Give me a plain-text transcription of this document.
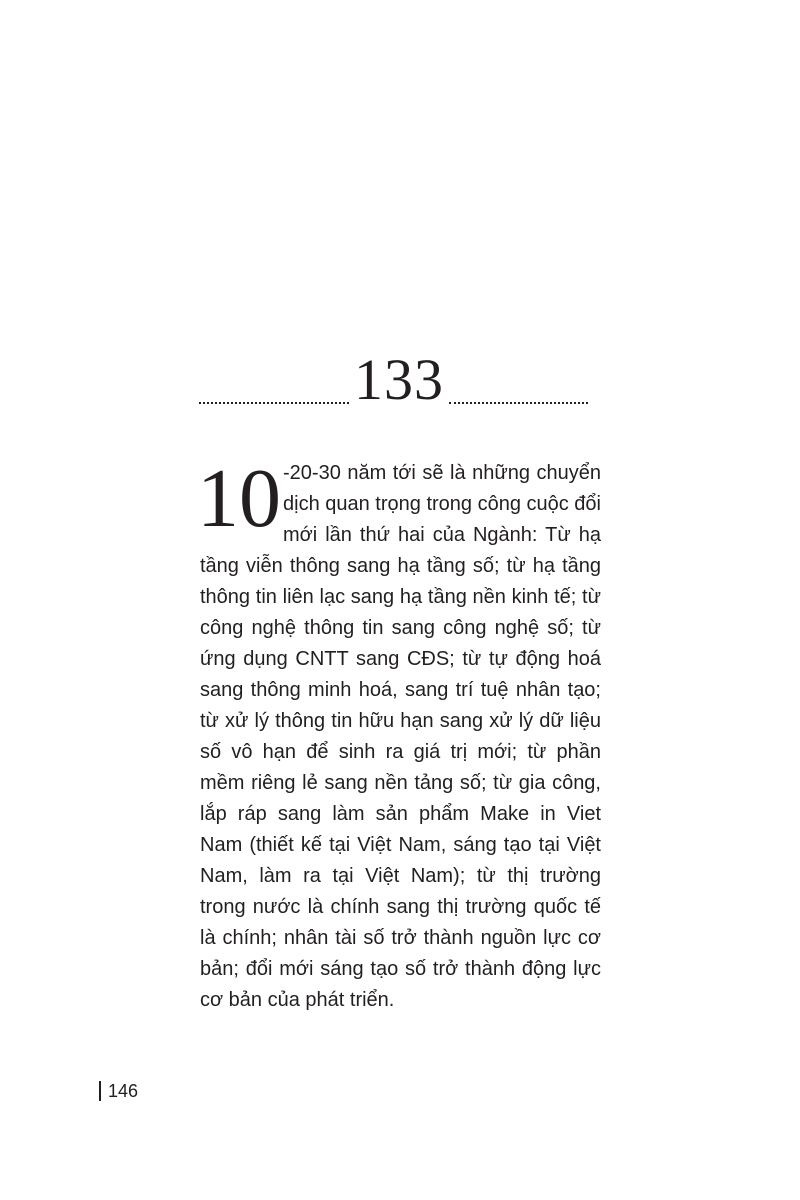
133
10 -20-30 năm tới sẽ là những chuyển dịch quan trọng trong công cuộc đổi mới lần thứ hai của Ngành: Từ hạ tầng viễn thông sang hạ tầng số; từ hạ tầng thông tin liên lạc sang hạ tầng nền kinh tế; từ công nghệ thông tin sang công nghệ số; từ ứng dụng CNTT sang CĐS; từ tự động hoá sang thông minh hoá, sang trí tuệ nhân tạo; từ xử lý thông tin hữu hạn sang xử lý dữ liệu số vô hạn để sinh ra giá trị mới; từ phần mềm riêng lẻ sang nền tảng số; từ gia công, lắp ráp sang làm sản phẩm Make in Viet Nam (thiết kế tại Việt Nam, sáng tạo tại Việt Nam, làm ra tại Việt Nam); từ thị trường trong nước là chính sang thị trường quốc tế là chính; nhân tài số trở thành nguồn lực cơ bản; đổi mới sáng tạo số trở thành động lực cơ bản của phát triển.
146
